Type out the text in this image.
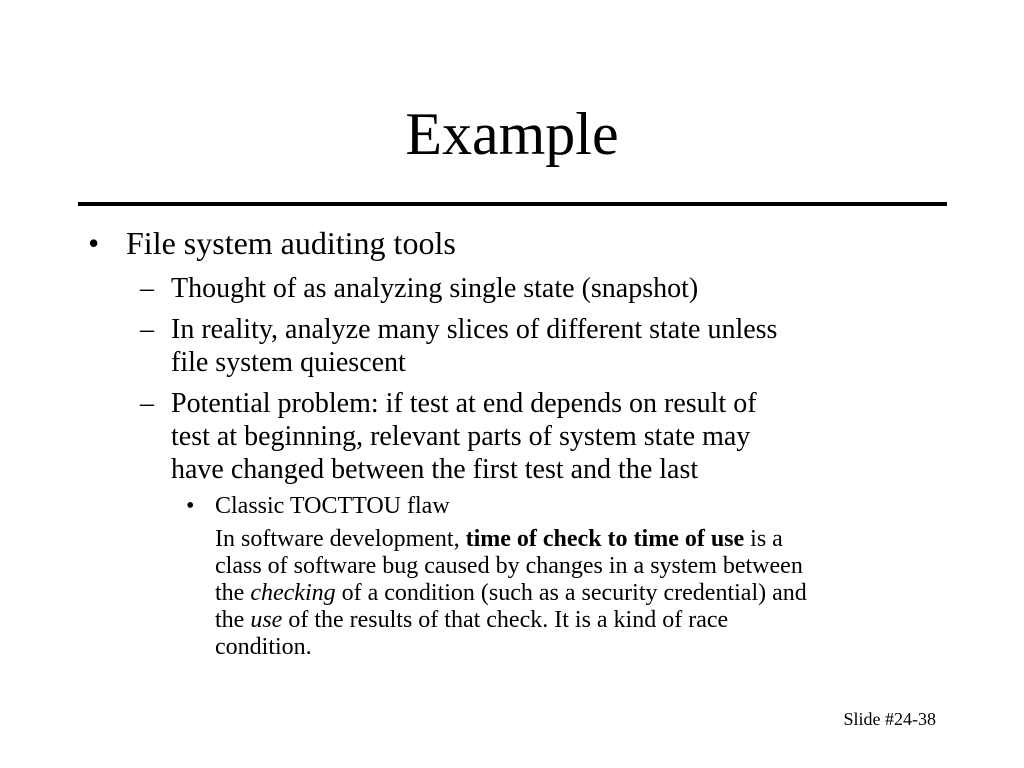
Example
• File system auditing tools
– Thought of as analyzing single state (snapshot)
– In reality, analyze many slices of different state unless
file system quiescent
– Potential problem: if test at end depends on result of
test at beginning, relevant parts of system state may
have changed between the first test and the last
• Classic TOCTTOU flaw
In software development, time of check to time of use is a
class of software bug caused by changes in a system between
the checking of a condition (such as a security credential) and
the use of the results of that check. It is a kind of race
condition.
Slide #24-38
